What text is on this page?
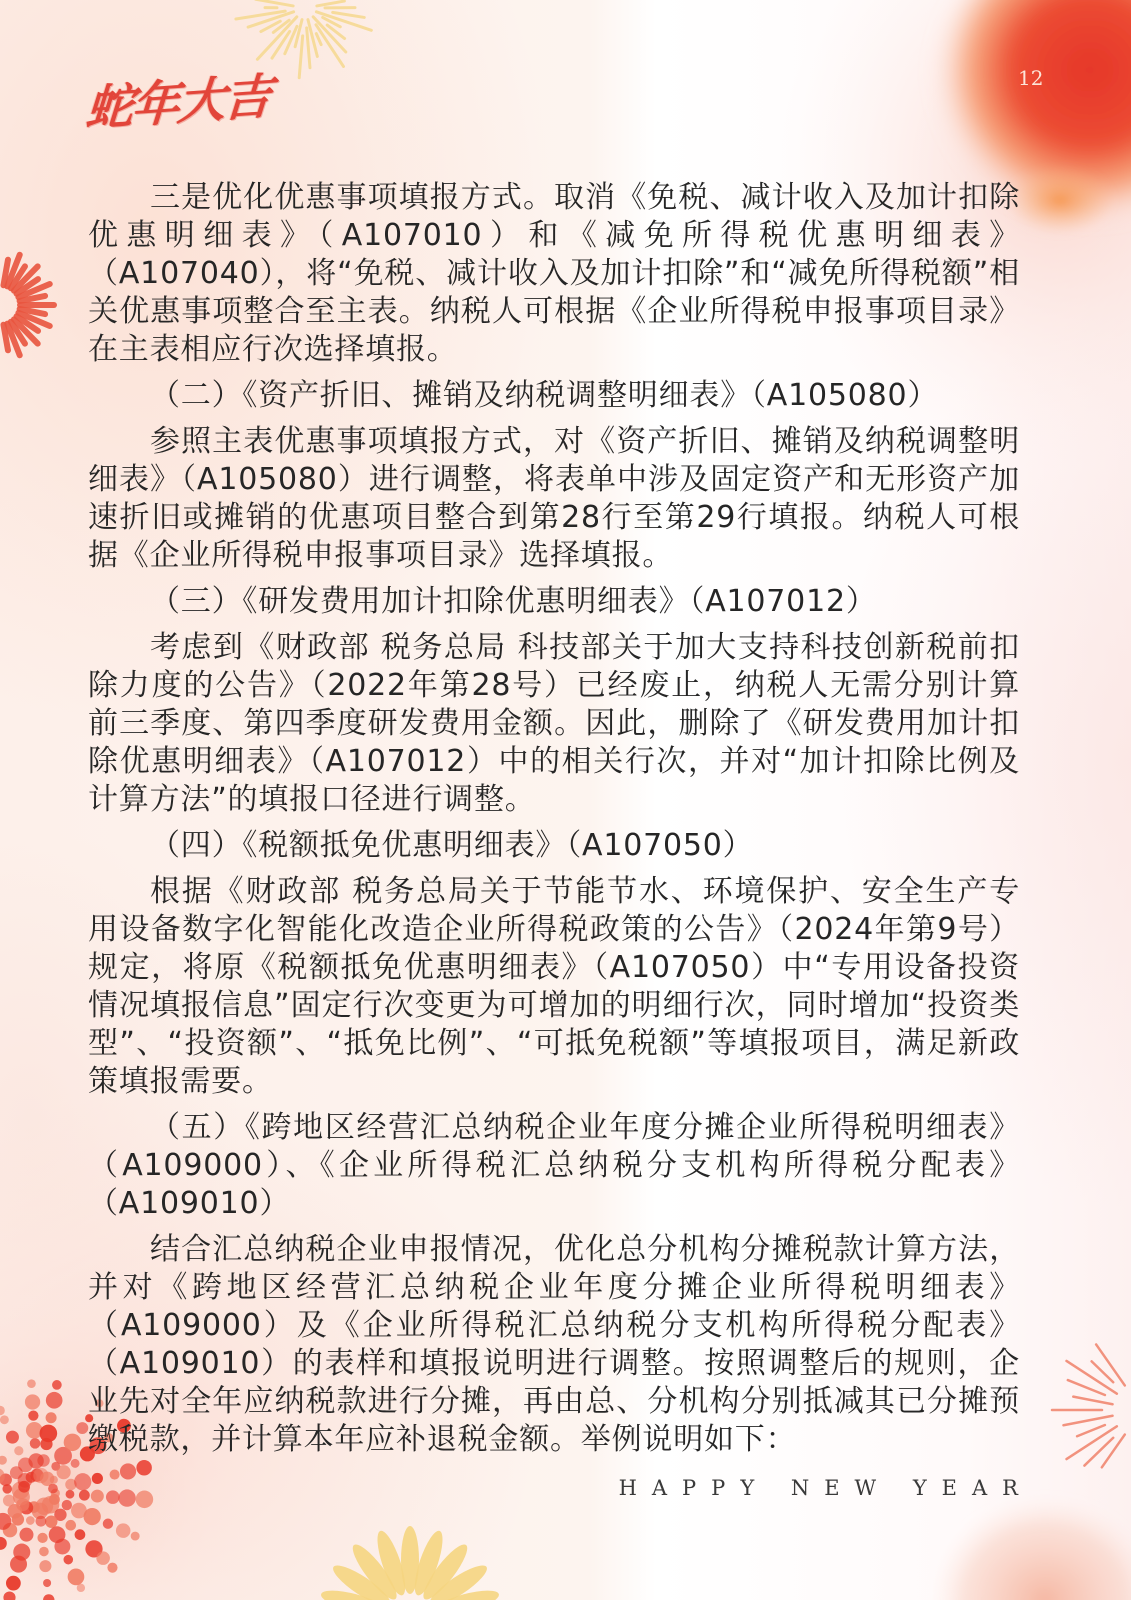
蛇年大吉	12

三是优化优惠事项填报方式。取消《免税、减计收入及加计扣除优惠明细表》（A107010）和《减免所得税优惠明细表》（A107040），将“免税、减计收入及加计扣除”和“减免所得税额”相关优惠事项整合至主表。纳税人可根据《企业所得税申报事项目录》在主表相应行次选择填报。

（二）《资产折旧、摊销及纳税调整明细表》（A105080）

参照主表优惠事项填报方式，对《资产折旧、摊销及纳税调整明细表》（A105080）进行调整，将表单中涉及固定资产和无形资产加速折旧或摊销的优惠项目整合到第28行至第29行填报。纳税人可根据《企业所得税申报事项目录》选择填报。

（三）《研发费用加计扣除优惠明细表》（A107012）

考虑到《财政部 税务总局 科技部关于加大支持科技创新税前扣除力度的公告》（2022年第28号）已经废止，纳税人无需分别计算前三季度、第四季度研发费用金额。因此，删除了《研发费用加计扣除优惠明细表》（A107012）中的相关行次，并对“加计扣除比例及计算方法”的填报口径进行调整。

（四）《税额抵免优惠明细表》（A107050）

根据《财政部 税务总局关于节能节水、环境保护、安全生产专用设备数字化智能化改造企业所得税政策的公告》（2024年第9号）规定，将原《税额抵免优惠明细表》（A107050）中“专用设备投资情况填报信息”固定行次变更为可增加的明细行次，同时增加“投资类型”、“投资额”、“抵免比例”、“可抵免税额”等填报项目，满足新政策填报需要。

（五）《跨地区经营汇总纳税企业年度分摊企业所得税明细表》（A109000）、《企业所得税汇总纳税分支机构所得税分配表》（A109010）

结合汇总纳税企业申报情况，优化总分机构分摊税款计算方法，并对《跨地区经营汇总纳税企业年度分摊企业所得税明细表》（A109000）及《企业所得税汇总纳税分支机构所得税分配表》（A109010）的表样和填报说明进行调整。按照调整后的规则，企业先对全年应纳税款进行分摊，再由总、分机构分别抵减其已分摊预缴税款，并计算本年应补退税金额。举例说明如下：

HAPPY NEW YEAR
